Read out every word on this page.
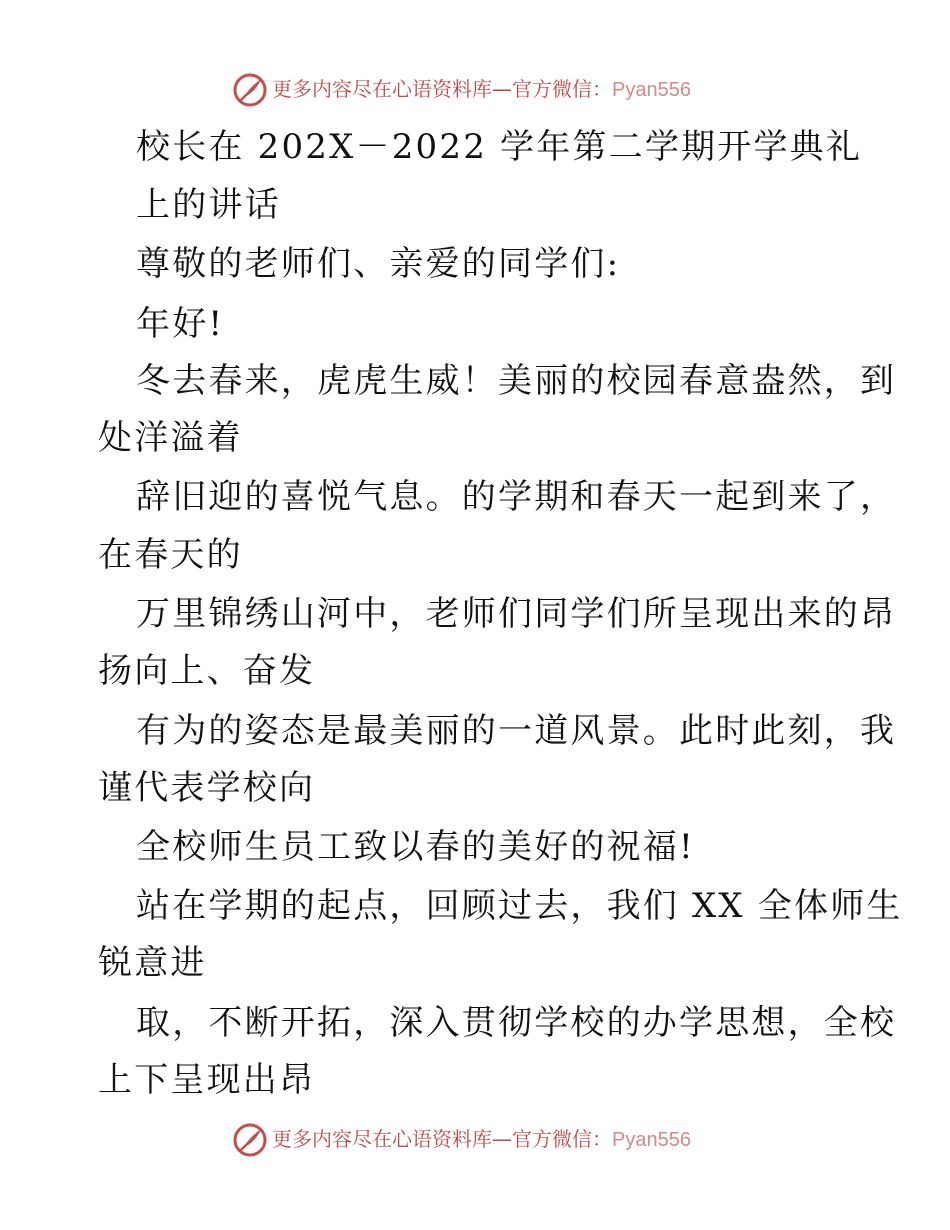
更多内容尽在心语资料库—官方微信：Pyan556
校长在 202X－2022 学年第二学期开学典礼
上的讲话
尊敬的老师们、亲爱的同学们:
年好!
冬去春来，虎虎生威！美丽的校园春意盎然，到
处洋溢着
辞旧迎的喜悦气息。的学期和春天一起到来了，
在春天的
万里锦绣山河中，老师们同学们所呈现出来的昂
扬向上、奋发
有为的姿态是最美丽的一道风景。此时此刻，我
谨代表学校向
全校师生员工致以春的美好的祝福!
站在学期的起点，回顾过去，我们 XX 全体师生
锐意进
取，不断开拓，深入贯彻学校的办学思想，全校
上下呈现出昂
更多内容尽在心语资料库—官方微信：Pyan556
